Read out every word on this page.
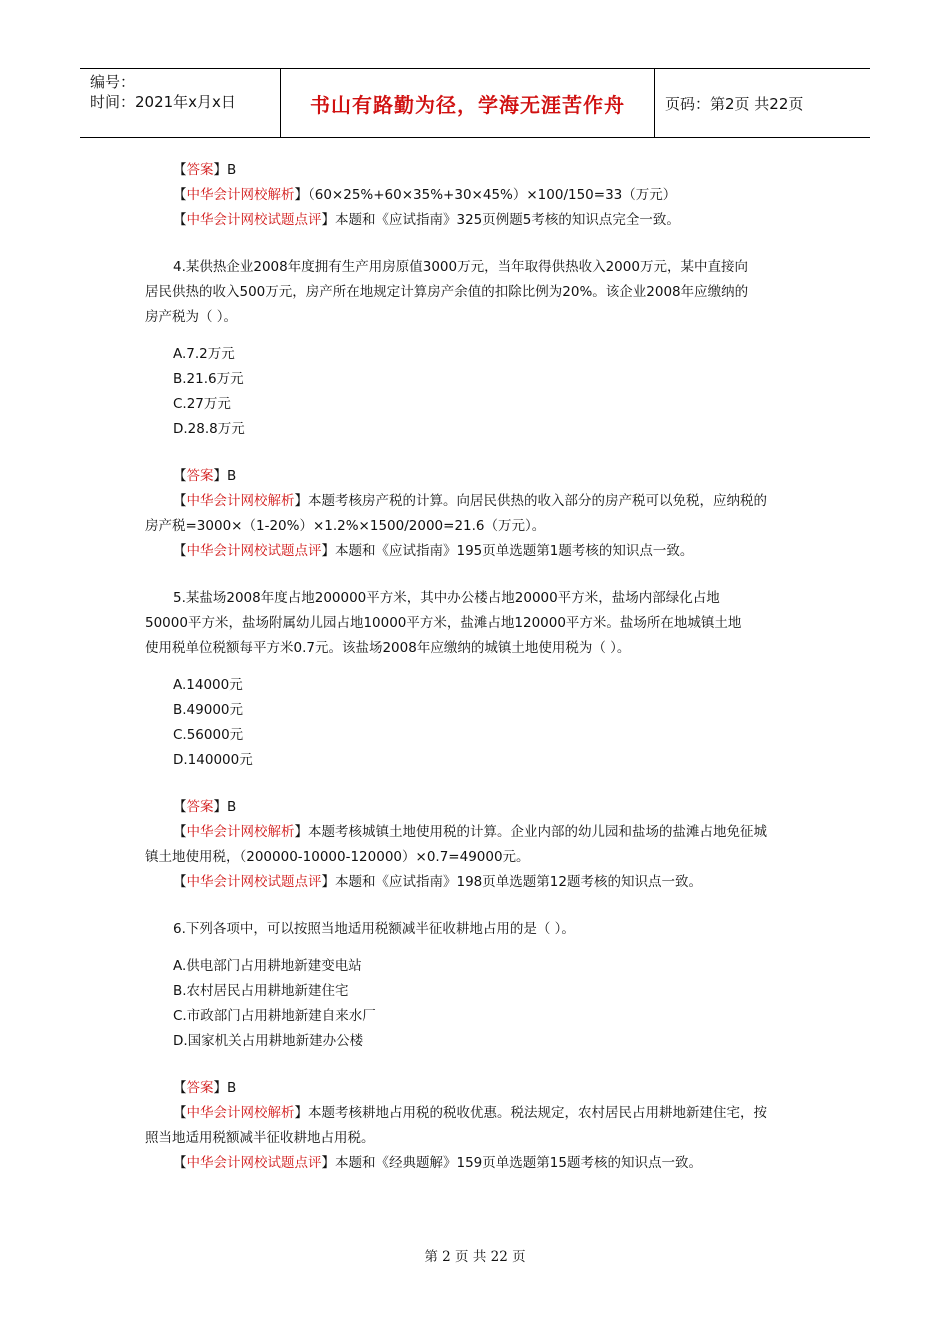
编号：
时间：2021年x月x日	书山有路勤为径，学海无涯苦作舟	页码：第2页 共22页

【答案】B

【中华会计网校解析】（60×25%+60×35%+30×45%）×100/150=33（万元）

【中华会计网校试题点评】本题和《应试指南》325页例题5考核的知识点完全一致。

4.某供热企业2008年度拥有生产用房原值3000万元，当年取得供热收入2000万元，某中直接向

居民供热的收入500万元，房产所在地规定计算房产余值的扣除比例为20%。该企业2008年应缴纳的

房产税为（ ）。

A.7.2万元

B.21.6万元

C.27万元

D.28.8万元

【答案】B

【中华会计网校解析】本题考核房产税的计算。向居民供热的收入部分的房产税可以免税，应纳税的

房产税=3000×（1-20%）×1.2%×1500/2000=21.6（万元）。

【中华会计网校试题点评】本题和《应试指南》195页单选题第1题考核的知识点一致。

5.某盐场2008年度占地200000平方米，其中办公楼占地20000平方米，盐场内部绿化占地

50000平方米，盐场附属幼儿园占地10000平方米，盐滩占地120000平方米。盐场所在地城镇土地

使用税单位税额每平方米0.7元。该盐场2008年应缴纳的城镇土地使用税为（ ）。

A.14000元

B.49000元

C.56000元

D.140000元

【答案】B

【中华会计网校解析】本题考核城镇土地使用税的计算。企业内部的幼儿园和盐场的盐滩占地免征城

镇土地使用税，（200000-10000-120000）×0.7=49000元。

【中华会计网校试题点评】本题和《应试指南》198页单选题第12题考核的知识点一致。

6.下列各项中，可以按照当地适用税额减半征收耕地占用的是（ ）。

A.供电部门占用耕地新建变电站

B.农村居民占用耕地新建住宅

C.市政部门占用耕地新建自来水厂

D.国家机关占用耕地新建办公楼

【答案】B

【中华会计网校解析】本题考核耕地占用税的税收优惠。税法规定，农村居民占用耕地新建住宅，按

照当地适用税额减半征收耕地占用税。

【中华会计网校试题点评】本题和《经典题解》159页单选题第15题考核的知识点一致。

第 2 页 共 22 页
